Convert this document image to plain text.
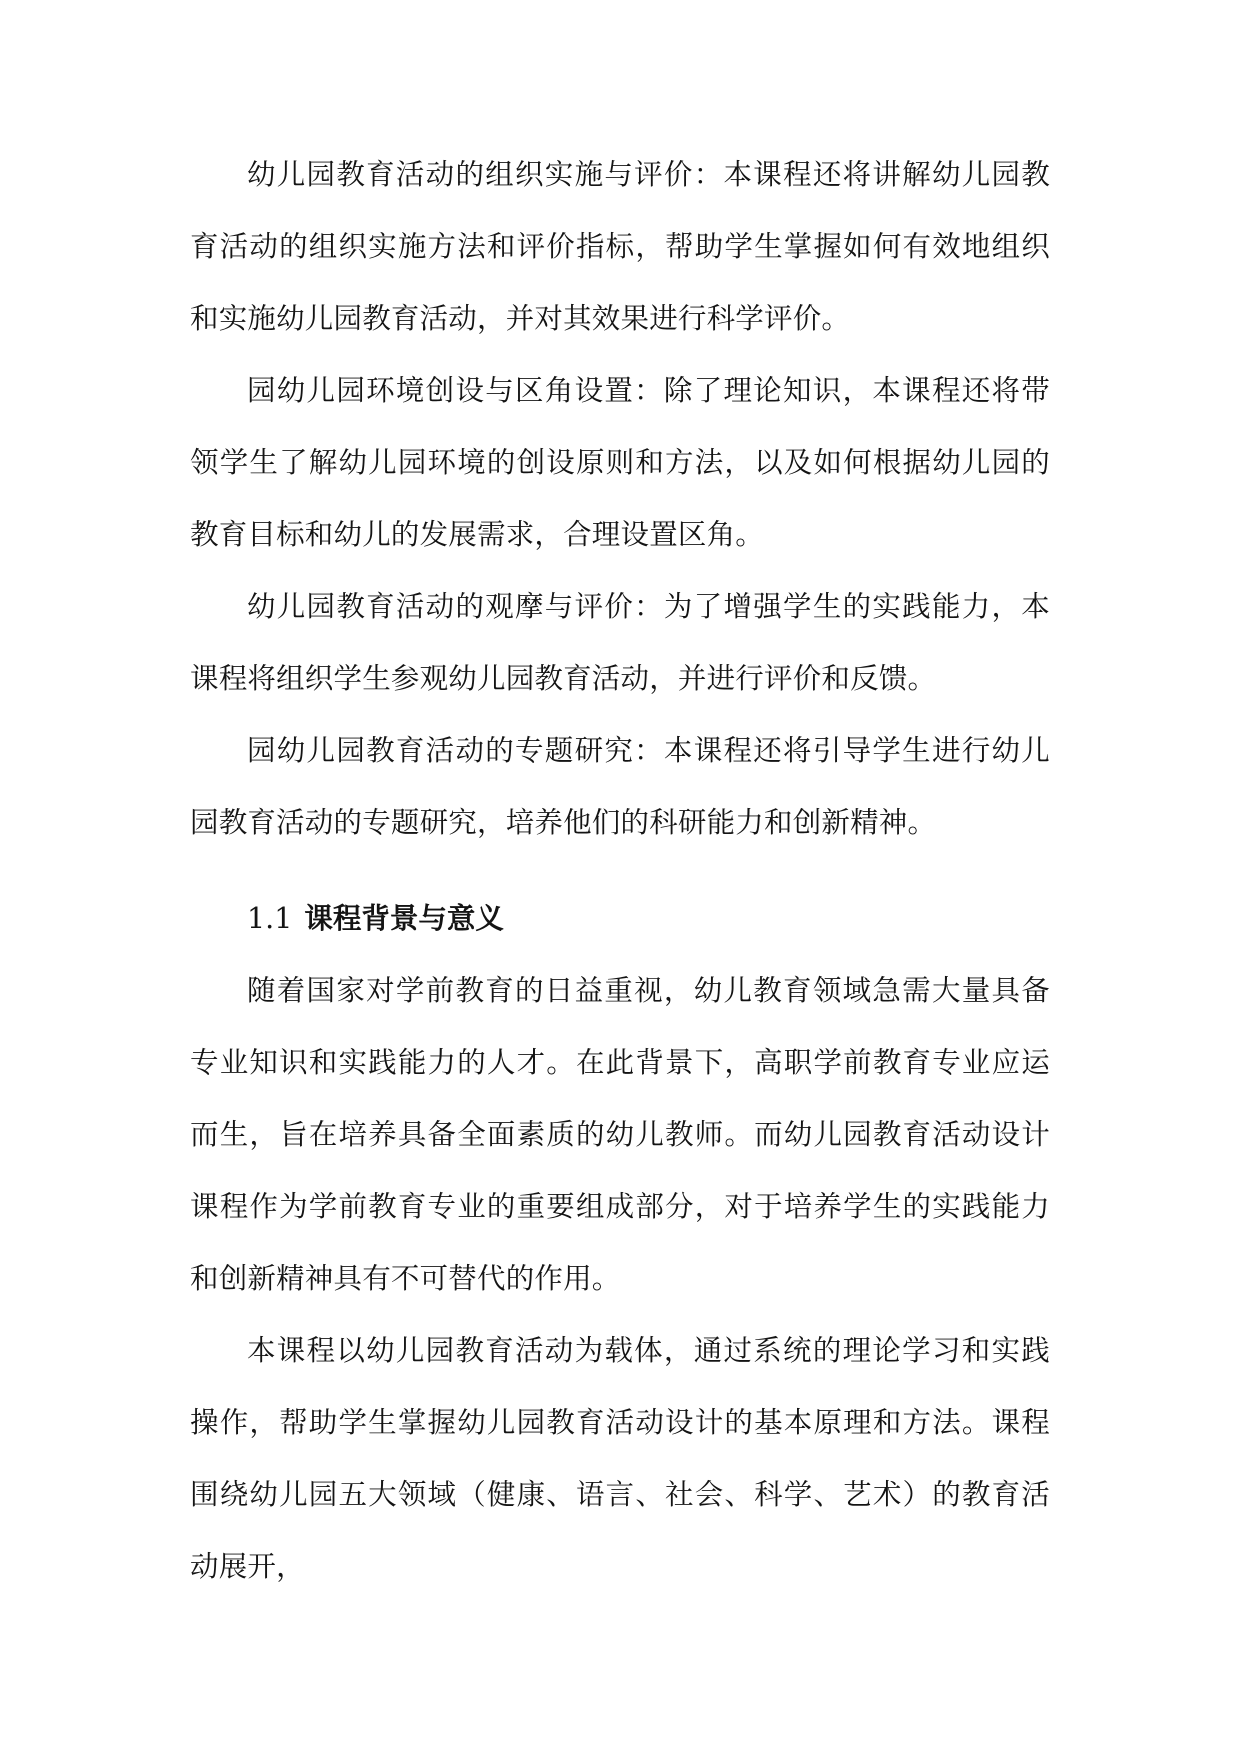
幼儿园教育活动的组织实施与评价：本课程还将讲解幼儿园教育活动的组织实施方法和评价指标，帮助学生掌握如何有效地组织和实施幼儿园教育活动，并对其效果进行科学评价。

园幼儿园环境创设与区角设置：除了理论知识，本课程还将带领学生了解幼儿园环境的创设原则和方法，以及如何根据幼儿园的教育目标和幼儿的发展需求，合理设置区角。

幼儿园教育活动的观摩与评价：为了增强学生的实践能力，本课程将组织学生参观幼儿园教育活动，并进行评价和反馈。

园幼儿园教育活动的专题研究：本课程还将引导学生进行幼儿园教育活动的专题研究，培养他们的科研能力和创新精神。

1.1 课程背景与意义

随着国家对学前教育的日益重视，幼儿教育领域急需大量具备专业知识和实践能力的人才。在此背景下，高职学前教育专业应运而生，旨在培养具备全面素质的幼儿教师。而幼儿园教育活动设计课程作为学前教育专业的重要组成部分，对于培养学生的实践能力和创新精神具有不可替代的作用。

本课程以幼儿园教育活动为载体，通过系统的理论学习和实践操作，帮助学生掌握幼儿园教育活动设计的基本原理和方法。课程围绕幼儿园五大领域（健康、语言、社会、科学、艺术）的教育活动展开，
